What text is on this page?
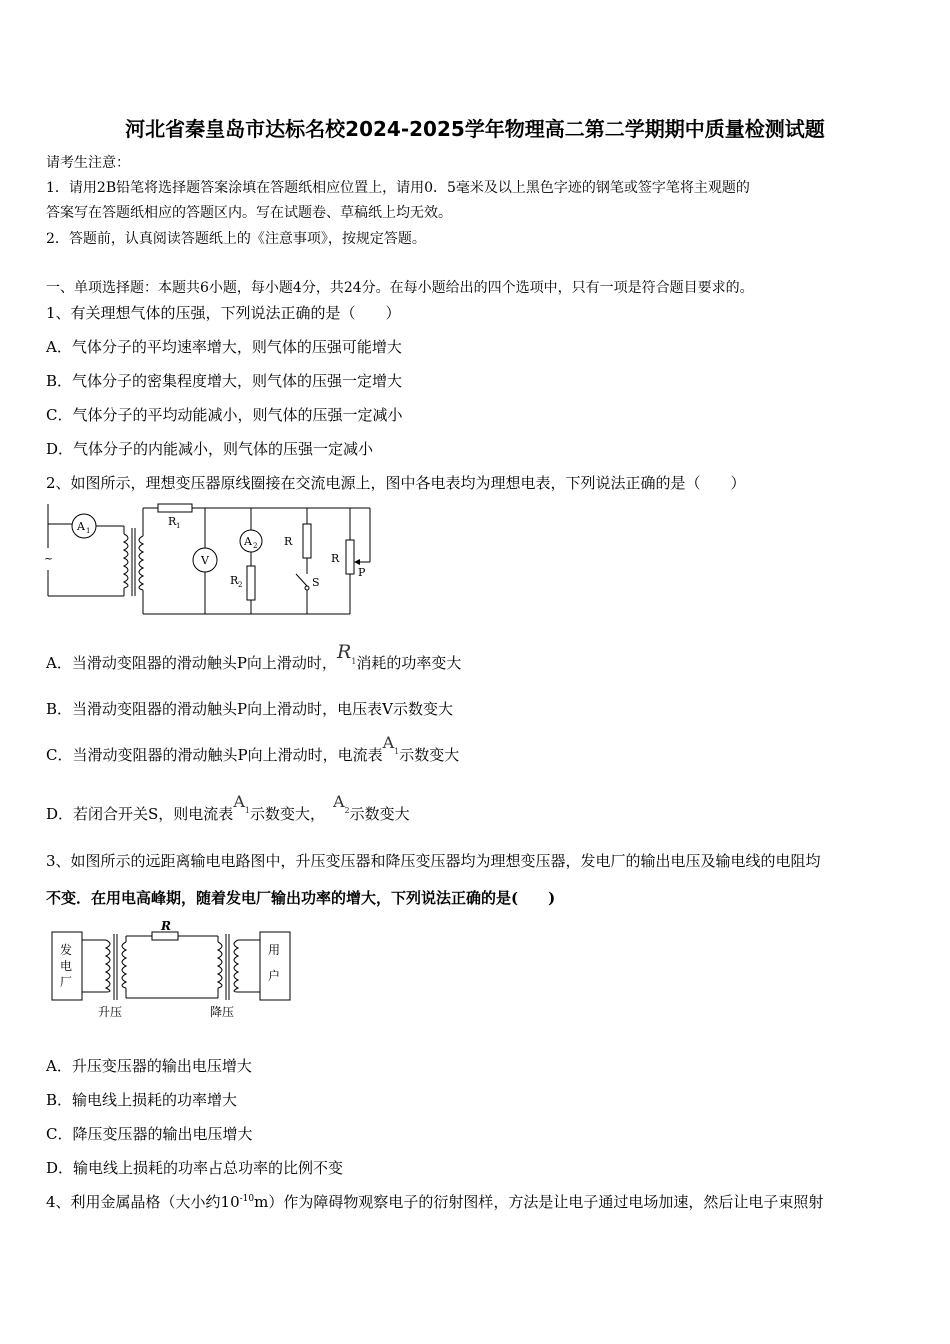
河北省秦皇岛市达标名校2024-2025学年物理高二第二学期期中质量检测试题
请考生注意：
1．请用2B铅笔将选择题答案涂填在答题纸相应位置上，请用0．5毫米及以上黑色字迹的钢笔或签字笔将主观题的
答案写在答题纸相应的答题区内。写在试题卷、草稿纸上均无效。
2．答题前，认真阅读答题纸上的《注意事项》，按规定答题。
一、单项选择题：本题共6小题，每小题4分，共24分。在每小题给出的四个选项中，只有一项是符合题目要求的。
1、有关理想气体的压强，下列说法正确的是（　　）
A．气体分子的平均速率增大，则气体的压强可能增大
B．气体分子的密集程度增大，则气体的压强一定增大
C．气体分子的平均动能减小，则气体的压强一定减小
D．气体分子的内能减小，则气体的压强一定减小
2、如图所示，理想变压器原线圈接在交流电源上，图中各电表均为理想电表，下列说法正确的是（　　）
~
A 1
R 1
V
A 2
R 2
R
S
R
P
A．当滑动变阻器的滑动触头P向上滑动时，$R^1$消耗的功率变大
B．当滑动变阻器的滑动触头P向上滑动时，电压表V示数变大
C．当滑动变阻器的滑动触头P向上滑动时，电流表$A^1$示数变大
D．若闭合开关S，则电流表$A^1$示数变大，$A^2$示数变大
3、如图所示的远距离输电电路图中，升压变压器和降压变压器均为理想变压器，发电厂的输出电压及输电线的电阻均
不变．在用电高峰期，随着发电厂输出功率的增大，下列说法正确的是(　　)
发
电
厂
用
户
R
升压	降压
A．升压变压器的输出电压增大
B．输电线上损耗的功率增大
C．降压变压器的输出电压增大
D．输电线上损耗的功率占总功率的比例不变
4、利用金属晶格（大小约$10^{-10}m$）作为障碍物观察电子的衍射图样，方法是让电子通过电场加速，然后让电子束照射
